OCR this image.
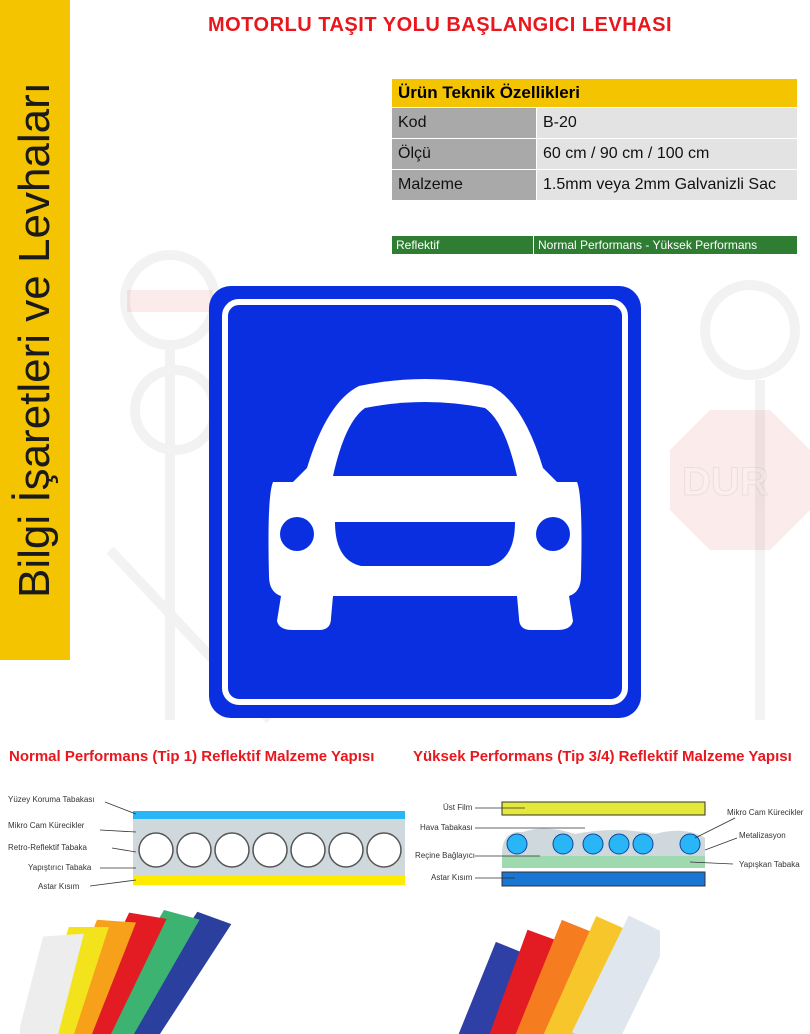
Bilgi İşaretleri ve Levhaları
MOTORLU TAŞIT YOLU BAŞLANGICI LEVHASI
Ürün Teknik Özellikleri	
Kod	B-20
Ölçü	60 cm / 90 cm / 100 cm
Malzeme	1.5mm veya 2mm Galvanizli Sac
Reflektif	Normal Performans - Yüksek Performans
DUR
Normal Performans (Tip 1) Reflektif Malzeme Yapısı	Yüksek Performans (Tip 3/4) Reflektif Malzeme Yapısı
Yüzey Koruma Tabakası
Mikro Cam Kürecikler
Retro-Reflektif Tabaka
Yapıştırıcı Tabaka
Astar Kısım
Üst Film
Hava Tabakası
Reçine Bağlayıcı
Astar Kısım
Mikro Cam Kürecikler
Metalizasyon
Yapışkan Tabaka
